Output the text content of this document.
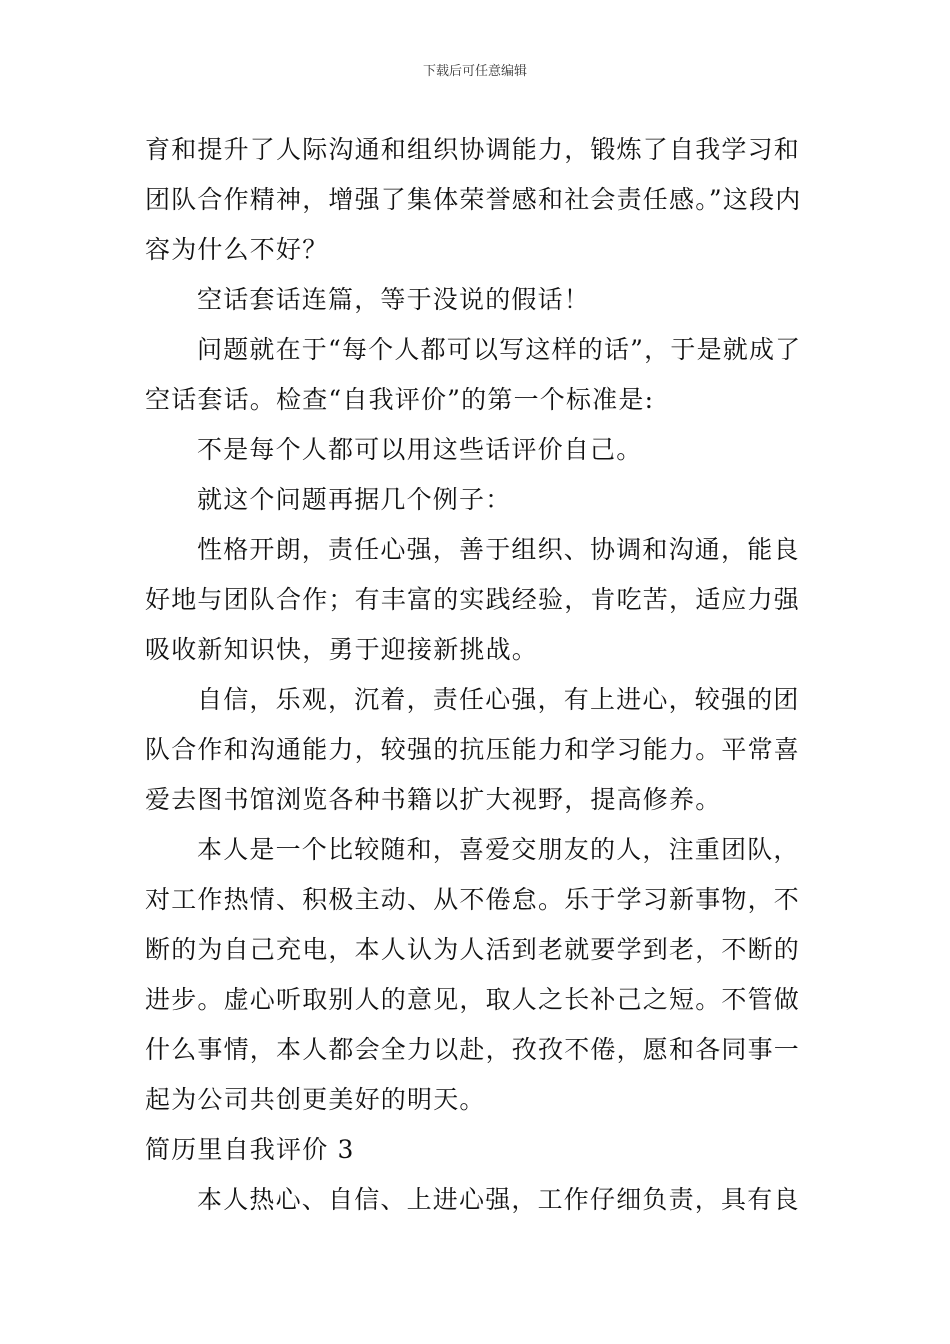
下载后可任意编辑

育和提升了人际沟通和组织协调能力，锻炼了自我学习和团队合作精神，增强了集体荣誉感和社会责任感。”这段内容为什么不好？

空话套话连篇，等于没说的假话！

问题就在于“每个人都可以写这样的话”，于是就成了空话套话。检查“自我评价”的第一个标准是:

不是每个人都可以用这些话评价自己。

就这个问题再据几个例子：

性格开朗，责任心强，善于组织、协调和沟通，能良好地与团队合作；有丰富的实践经验，肯吃苦，适应力强吸收新知识快，勇于迎接新挑战。

自信，乐观，沉着，责任心强，有上进心，较强的团队合作和沟通能力，较强的抗压能力和学习能力。平常喜爱去图书馆浏览各种书籍以扩大视野，提高修养。

本人是一个比较随和，喜爱交朋友的人，注重团队，对工作热情、积极主动、从不倦怠。乐于学习新事物，不断的为自己充电，本人认为人活到老就要学到老，不断的进步。虚心听取别人的意见，取人之长补己之短。不管做什么事情，本人都会全力以赴，孜孜不倦，愿和各同事一起为公司共创更美好的明天。

简历里自我评价 3

本人热心、自信、上进心强，工作仔细负责，具有良
